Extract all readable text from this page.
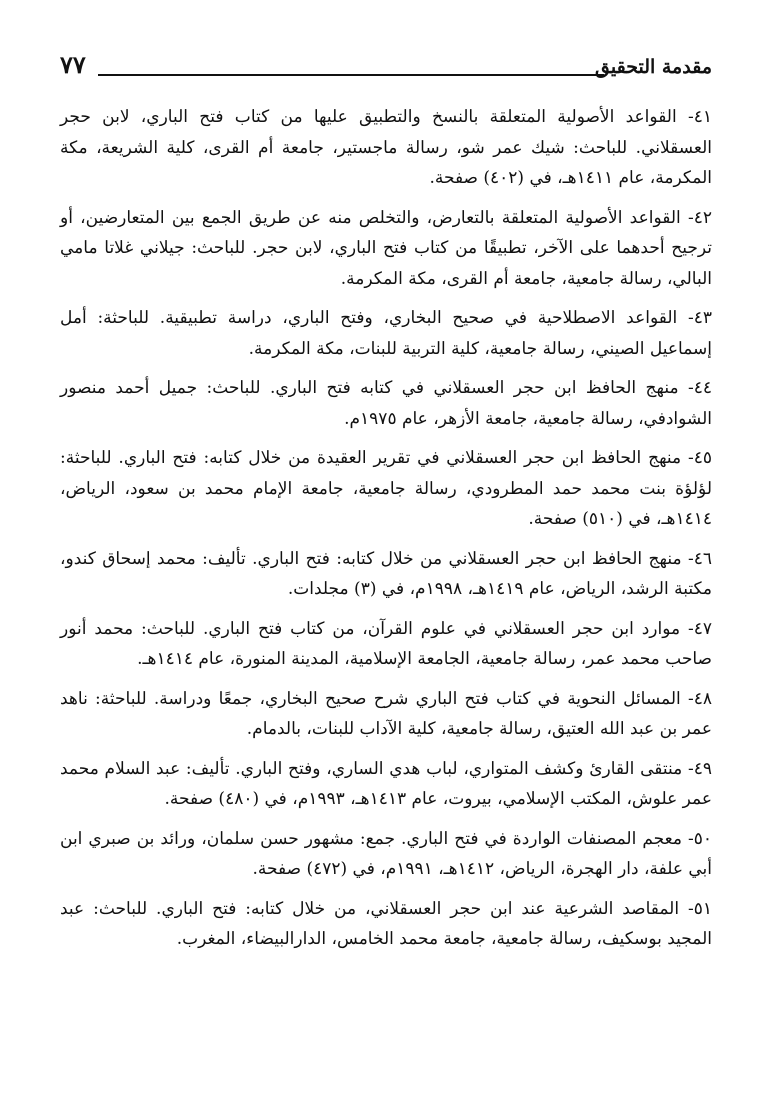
مقدمة التحقيق
٧٧

٤١- القواعد الأصولية المتعلقة بالنسخ والتطبيق عليها من كتاب فتح الباري، لابن حجر العسقلاني. للباحث: شيك عمر شو، رسالة ماجستير، جامعة أم القرى، كلية الشريعة، مكة المكرمة، عام ١٤١١هـ، في (٤٠٢) صفحة.

٤٢- القواعد الأصولية المتعلقة بالتعارض، والتخلص منه عن طريق الجمع بين المتعارضين، أو ترجيح أحدهما على الآخر، تطبيقًا من كتاب فتح الباري، لابن حجر. للباحث: جيلاني غلاتا مامي البالي، رسالة جامعية، جامعة أم القرى، مكة المكرمة.

٤٣- القواعد الاصطلاحية في صحيح البخاري، وفتح الباري، دراسة تطبيقية. للباحثة: أمل إسماعيل الصيني، رسالة جامعية، كلية التربية للبنات، مكة المكرمة.

٤٤- منهج الحافظ ابن حجر العسقلاني في كتابه فتح الباري. للباحث: جميل أحمد منصور الشوادفي، رسالة جامعية، جامعة الأزهر، عام ١٩٧٥م.

٤٥- منهج الحافظ ابن حجر العسقلاني في تقرير العقيدة من خلال كتابه: فتح الباري. للباحثة: لؤلؤة بنت محمد حمد المطرودي، رسالة جامعية، جامعة الإمام محمد بن سعود، الرياض، ١٤١٤هـ، في (٥١٠) صفحة.

٤٦- منهج الحافظ ابن حجر العسقلاني من خلال كتابه: فتح الباري. تأليف: محمد إسحاق كندو، مكتبة الرشد، الرياض، عام ١٤١٩هـ، ١٩٩٨م، في (٣) مجلدات.

٤٧- موارد ابن حجر العسقلاني في علوم القرآن، من كتاب فتح الباري. للباحث: محمد أنور صاحب محمد عمر، رسالة جامعية، الجامعة الإسلامية، المدينة المنورة، عام ١٤١٤هـ.

٤٨- المسائل النحوية في كتاب فتح الباري شرح صحيح البخاري، جمعًا ودراسة. للباحثة: ناهد عمر بن عبد الله العتيق، رسالة جامعية، كلية الآداب للبنات، بالدمام.

٤٩- منتقى القارئ وكشف المتواري، لباب هدي الساري، وفتح الباري. تأليف: عبد السلام محمد عمر علوش، المكتب الإسلامي، بيروت، عام ١٤١٣هـ، ١٩٩٣م، في (٤٨٠) صفحة.

٥٠- معجم المصنفات الواردة في فتح الباري. جمع: مشهور حسن سلمان، ورائد بن صبري ابن أبي علفة، دار الهجرة، الرياض، ١٤١٢هـ، ١٩٩١م، في (٤٧٢) صفحة.

٥١- المقاصد الشرعية عند ابن حجر العسقلاني، من خلال كتابه: فتح الباري. للباحث: عبد المجيد بوسكيف، رسالة جامعية، جامعة محمد الخامس، الدارالبيضاء، المغرب.
